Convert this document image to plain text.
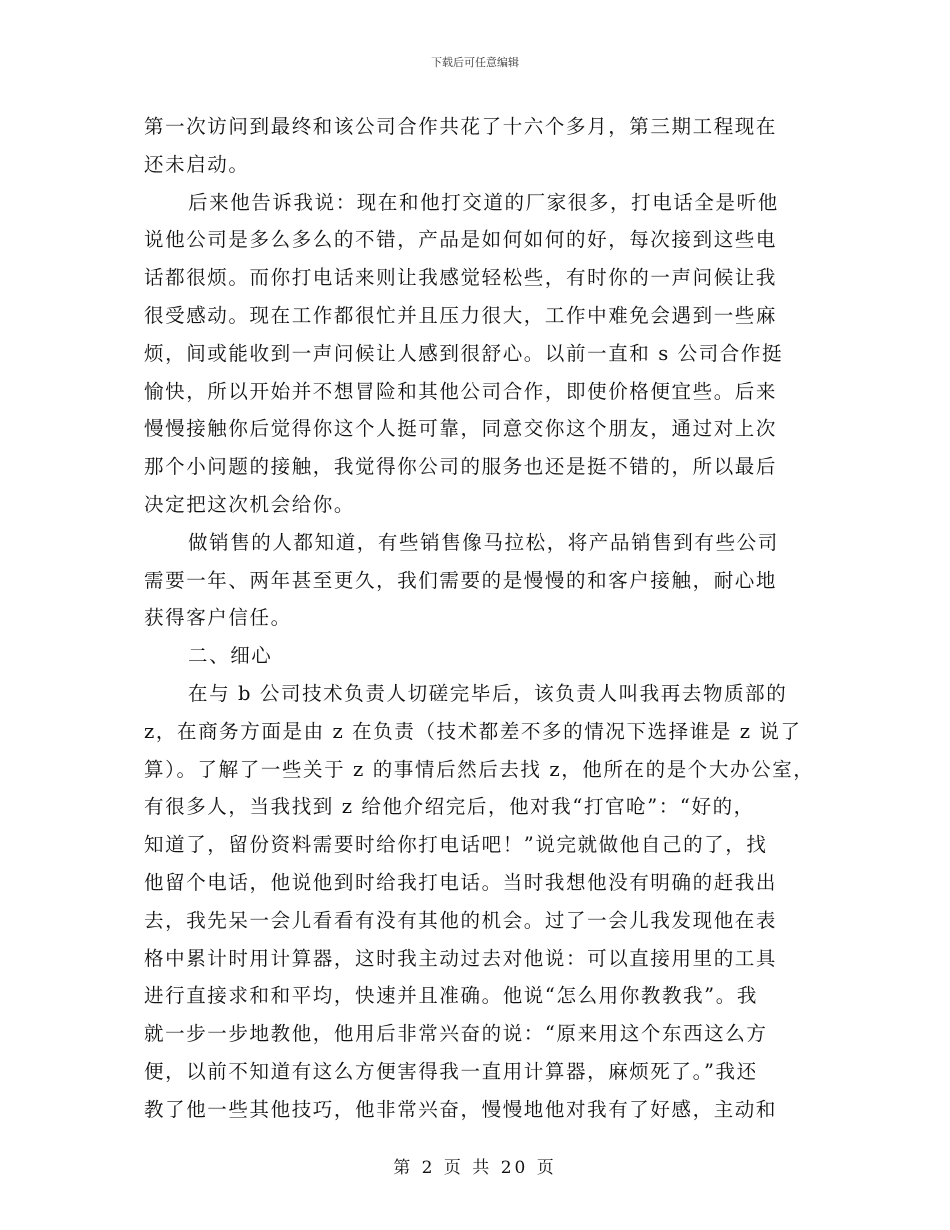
下载后可任意编辑
第一次访问到最终和该公司合作共花了十六个多月，第三期工程现在
还未启动。
后来他告诉我说：现在和他打交道的厂家很多，打电话全是听他
说他公司是多么多么的不错，产品是如何如何的好，每次接到这些电
话都很烦。而你打电话来则让我感觉轻松些，有时你的一声问候让我
很受感动。现在工作都很忙并且压力很大，工作中难免会遇到一些麻
烦，间或能收到一声问候让人感到很舒心。以前一直和 s 公司合作挺
愉快，所以开始并不想冒险和其他公司合作，即使价格便宜些。后来
慢慢接触你后觉得你这个人挺可靠，同意交你这个朋友，通过对上次
那个小问题的接触，我觉得你公司的服务也还是挺不错的，所以最后
决定把这次机会给你。
做销售的人都知道，有些销售像马拉松，将产品销售到有些公司
需要一年、两年甚至更久，我们需要的是慢慢的和客户接触，耐心地
获得客户信任。
二、细心
在与 b 公司技术负责人切磋完毕后，该负责人叫我再去物质部的
z，在商务方面是由 z 在负责（技术都差不多的情况下选择谁是 z 说了
算）。了解了一些关于 z 的事情后然后去找 z，他所在的是个大办公室，
有很多人，当我找到 z 给他介绍完后，他对我“打官呛”：“好的，
知道了，留份资料需要时给你打电话吧！”说完就做他自己的了，找
他留个电话，他说他到时给我打电话。当时我想他没有明确的赶我出
去，我先呆一会儿看看有没有其他的机会。过了一会儿我发现他在表
格中累计时用计算器，这时我主动过去对他说：可以直接用里的工具
进行直接求和和平均，快速并且准确。他说“怎么用你教教我”。我
就一步一步地教他，他用后非常兴奋的说：“原来用这个东西这么方
便，以前不知道有这么方便害得我一直用计算器，麻烦死了。”我还
教了他一些其他技巧，他非常兴奋，慢慢地他对我有了好感，主动和
第 2 页 共 20 页
